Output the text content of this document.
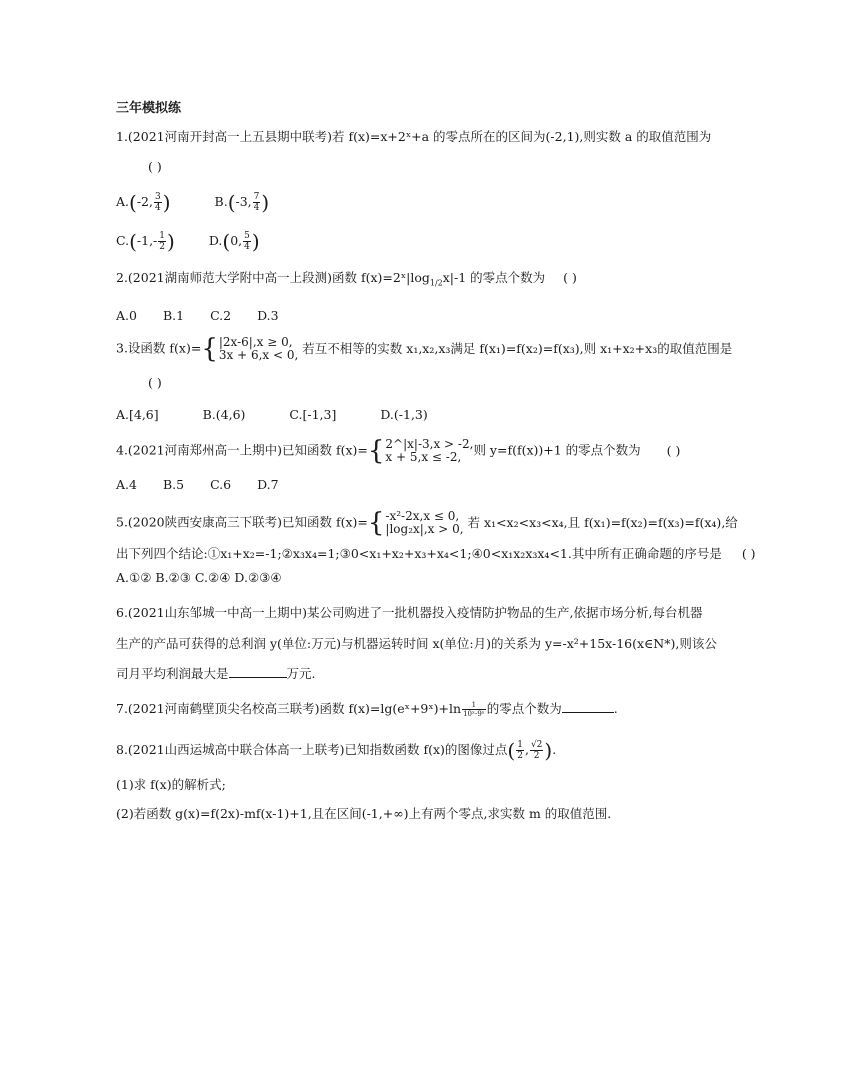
三年模拟练
1.(2021河南开封高一上五县期中联考)若 f(x)=x+2ˣ+a 的零点所在的区间为(-2,1),则实数 a 的取值范围为
( )
A.(-2, $\frac{3}{4}$ )	B.(-3, $\frac{7}{4}$ )
$C.(-1,- \frac{1}{2}$ )	D.(0, $\frac{5}{4}$ )
2.(2021湖南师范大学附中高一上段测)函数 $f(x)=2ˣ|\log_{1/2}x|-1$ 的零点个数为 ( )
A.0 B.1 C.2 D.3
3.设函数 f(x)={ |2x-6|,x ≥ 0,
3x + 6,x < 0, 若互不相等的实数 x₁,x₂,x₃满足 f(x₁)=f(x₂)=f(x₃),则 x₁+x₂+x₃的取值范围是
( )
A.[4,6]	B.(4,6)	C.[-1,3]	D.(-1,3)
4.(2021河南郑州高一上期中)已知函数 f(x)={ 2^|x|-3,x > -2,
x + 5,x ≤ -2, 则 y=f(f(x))+1 的零点个数为 ( )
A.4 B.5 C.6 D.7
5.(2020陕西安康高三下联考)已知函数 f(x)={ -x²-2x,x ≤ 0,
|log₂x|,x > 0, 若 x₁<x₂<x₃<x₄,且 f(x₁)=f(x₂)=f(x₃)=f(x₄),给
出下列四个结论:①x₁+x₂=-1;②x₃x₄=1;③0<x₁+x₂+x₃+x₄<1;④0<x₁x₂x₃x₄<1.其中所有正确命题的序号是 ( )
A.①② B.②③ C.②④ D.②③④
6.(2021山东邹城一中高一上期中)某公司购进了一批机器投入疫情防护物品的生产,依据市场分析,每台机器
生产的产品可获得的总利润 y(单位:万元)与机器运转时间 x(单位:月)的关系为 y=-x²+15x-16(x∈N*),则该公
司月平均利润最大是	万元.
7.(2021河南鹤壁顶尖名校高三联考)函数 f(x)=lg(eˣ+9ˣ)+ln $\frac{1}{\text{10ˣ-9ˣ}}$ 的零点个数为	.
8.(2021山西运城高中联合体高一上联考)已知指数函数 f(x)的图像过点( $\frac{1}{2}$ , $\frac{√2}{2}$ ).
(1)求 f(x)的解析式;
(2)若函数 g(x)=f(2x)-mf(x-1)+1,且在区间(-1,+∞)上有两个零点,求实数 m 的取值范围.
